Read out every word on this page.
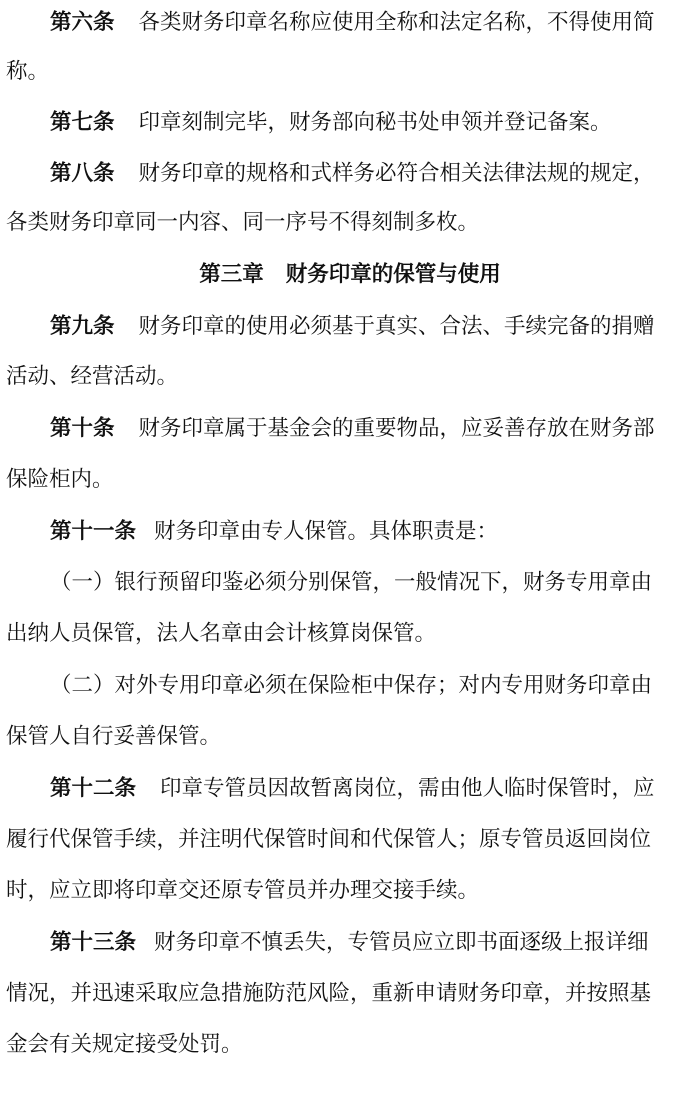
第六条 各类财务印章名称应使用全称和法定名称，不得使用简
称。
第七条 印章刻制完毕，财务部向秘书处申领并登记备案。
第八条 财务印章的规格和式样务必符合相关法律法规的规定，
各类财务印章同一内容、同一序号不得刻制多枚。
第三章 财务印章的保管与使用
第九条 财务印章的使用必须基于真实、合法、手续完备的捐赠
活动、经营活动。
第十条 财务印章属于基金会的重要物品，应妥善存放在财务部
保险柜内。
第十一条 财务印章由专人保管。具体职责是：
（一）银行预留印鉴必须分别保管，一般情况下，财务专用章由
出纳人员保管，法人名章由会计核算岗保管。
（二）对外专用印章必须在保险柜中保存；对内专用财务印章由
保管人自行妥善保管。
第十二条 印章专管员因故暂离岗位，需由他人临时保管时，应
履行代保管手续，并注明代保管时间和代保管人；原专管员返回岗位
时，应立即将印章交还原专管员并办理交接手续。
第十三条 财务印章不慎丢失，专管员应立即书面逐级上报详细
情况，并迅速采取应急措施防范风险，重新申请财务印章，并按照基
金会有关规定接受处罚。
